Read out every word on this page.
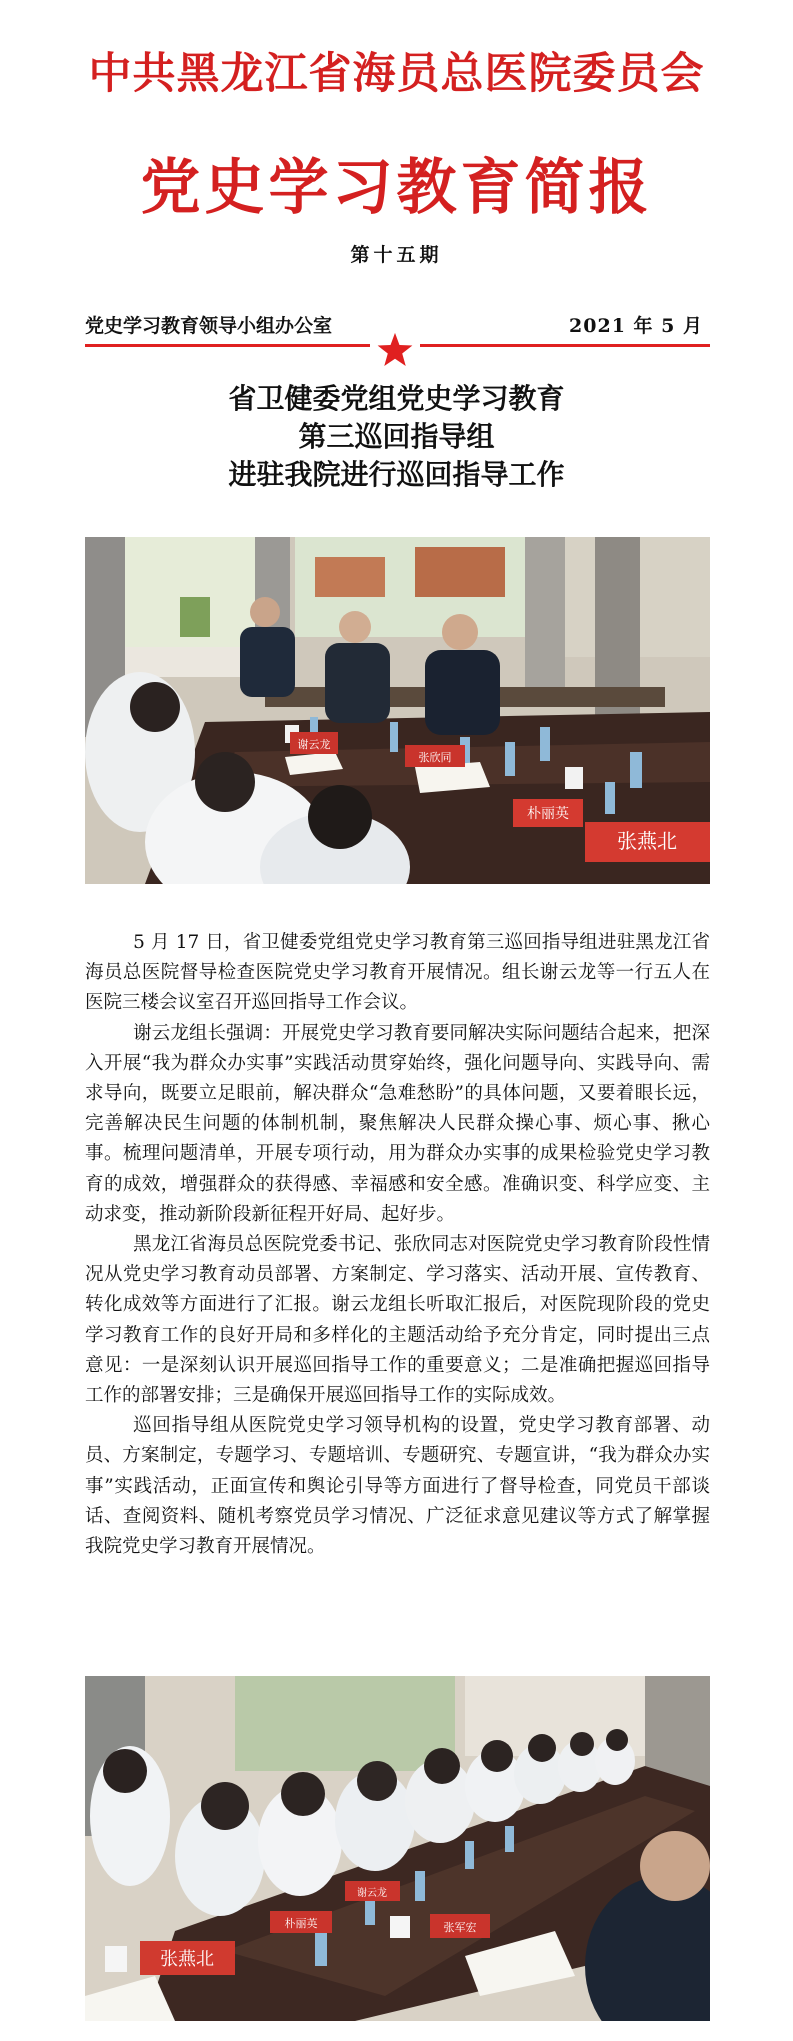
中共黑龙江省海员总医院委员会
党史学习教育简报
第十五期
党史学习教育领导小组办公室	2021 年 5 月
省卫健委党组党史学习教育
第三巡回指导组
进驻我院进行巡回指导工作
谢云龙
张欣同
朴丽英
张燕北

5 月 17 日，省卫健委党组党史学习教育第三巡回指导组进驻黑龙江省海员总医院督导检查医院党史学习教育开展情况。组长谢云龙等一行五人在医院三楼会议室召开巡回指导工作会议。

谢云龙组长强调：开展党史学习教育要同解决实际问题结合起来，把深入开展“我为群众办实事”实践活动贯穿始终，强化问题导向、实践导向、需求导向，既要立足眼前，解决群众“急难愁盼”的具体问题，又要着眼长远，完善解决民生问题的体制机制，聚焦解决人民群众操心事、烦心事、揪心事。梳理问题清单，开展专项行动，用为群众办实事的成果检验党史学习教育的成效，增强群众的获得感、幸福感和安全感。准确识变、科学应变、主动求变，推动新阶段新征程开好局、起好步。

黑龙江省海员总医院党委书记、张欣同志对医院党史学习教育阶段性情况从党史学习教育动员部署、方案制定、学习落实、活动开展、宣传教育、转化成效等方面进行了汇报。谢云龙组长听取汇报后，对医院现阶段的党史学习教育工作的良好开局和多样化的主题活动给予充分肯定，同时提出三点意见：一是深刻认识开展巡回指导工作的重要意义；二是准确把握巡回指导工作的部署安排；三是确保开展巡回指导工作的实际成效。

巡回指导组从医院党史学习领导机构的设置，党史学习教育部署、动员、方案制定，专题学习、专题培训、专题研究、专题宣讲，“我为群众办实事”实践活动，正面宣传和舆论引导等方面进行了督导检查，同党员干部谈话、查阅资料、随机考察党员学习情况、广泛征求意见建议等方式了解掌握我院党史学习教育开展情况。

张燕北
朴丽英
谢云龙
张军宏
